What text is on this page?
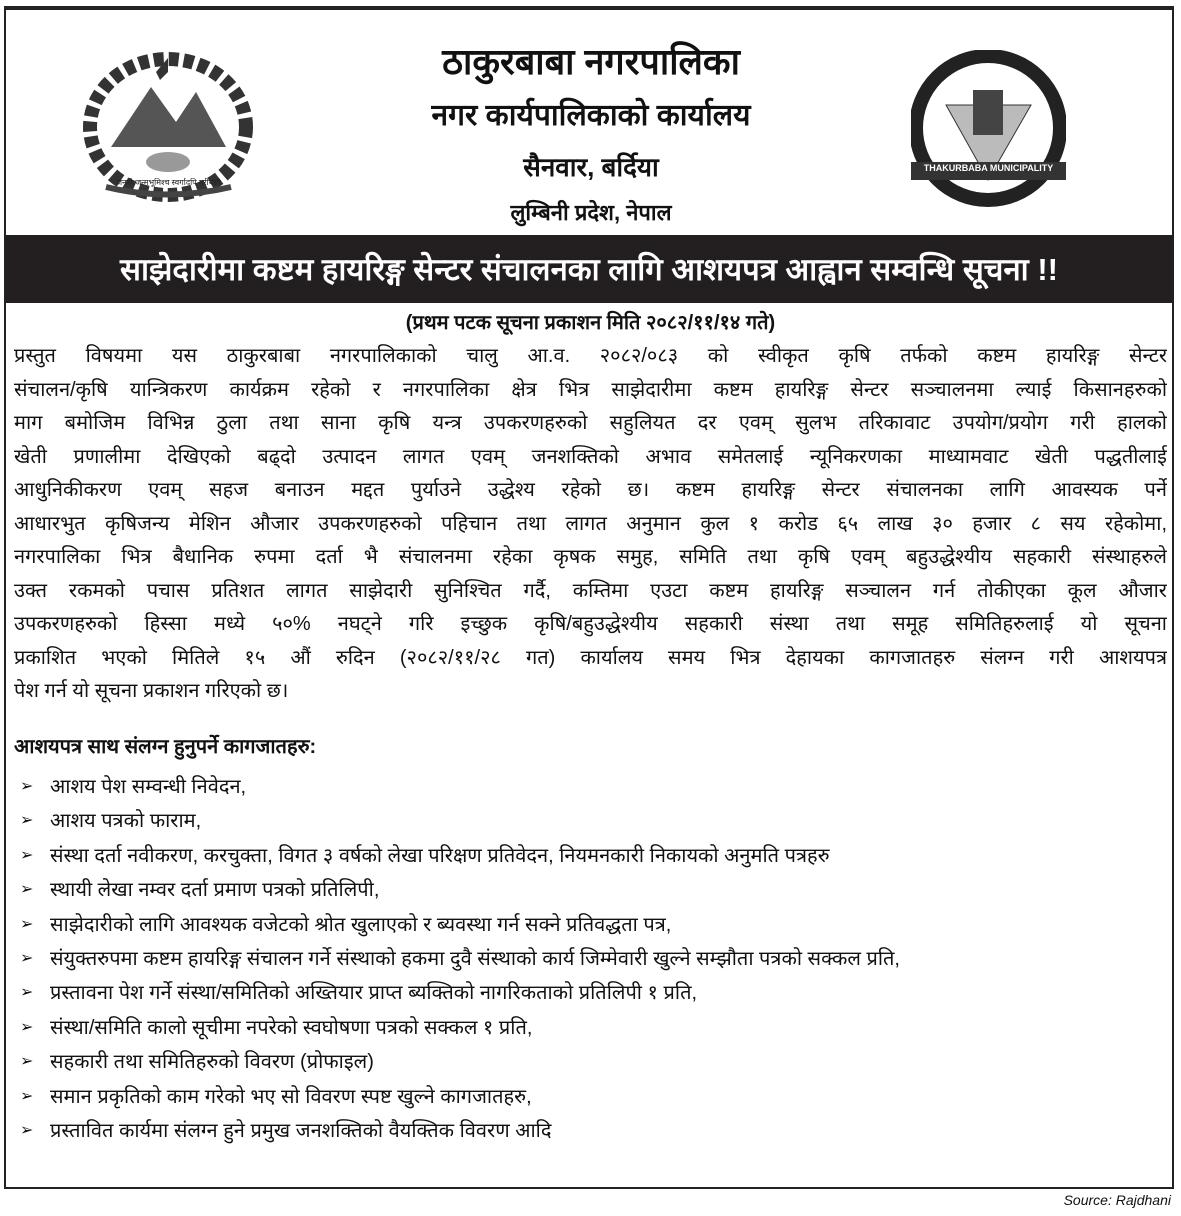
जननी जन्मभूमिश्च स्वर्गादपि गरीयसी
THAKURBABA MUNICIPALITY
ठाकुरबाबा नगरपालिका
नगर कार्यपालिकाको कार्यालय
सैनवार, बर्दिया
लुम्बिनी प्रदेश, नेपाल
साझेदारीमा कष्टम हायरिङ्ग सेन्टर संचालनका लागि आशयपत्र आह्वान सम्वन्धि सूचना !!
(प्रथम पटक सूचना प्रकाशन मिति २०८२/११/१४ गते)
प्रस्तुत विषयमा यस ठाकुरबाबा नगरपालिकाको चालु आ.व. २०८२/०८३ को स्वीकृत कृषि तर्फको कष्टम हायरिङ्ग सेन्टर
संचालन/कृषि यान्त्रिकरण कार्यक्रम रहेको र नगरपालिका क्षेत्र भित्र साझेदारीमा कष्टम हायरिङ्ग सेन्टर सञ्चालनमा ल्याई किसानहरुको
माग बमोजिम विभिन्न ठुला तथा साना कृषि यन्त्र उपकरणहरुको सहुलियत दर एवम् सुलभ तरिकावाट उपयोग/प्रयोग गरी हालको
खेती प्रणालीमा देखिएको बढ्दो उत्पादन लागत एवम् जनशक्तिको अभाव समेतलाई न्यूनिकरणका माध्यामवाट खेती पद्धतीलाई
आधुनिकीकरण एवम् सहज बनाउन मद्दत पुर्याउने उद्धेश्य रहेको छ। कष्टम हायरिङ्ग सेन्टर संचालनका लागि आवस्यक पर्ने
आधारभुत कृषिजन्य मेशिन औजार उपकरणहरुको पहिचान तथा लागत अनुमान कुल १ करोड ६५ लाख ३० हजार ८ सय रहेकोमा,
नगरपालिका भित्र बैधानिक रुपमा दर्ता भै संचालनमा रहेका कृषक समुह, समिति तथा कृषि एवम् बहुउद्धेश्यीय सहकारी संस्थाहरुले
उक्त रकमको पचास प्रतिशत लागत साझेदारी सुनिश्चित गर्दै, कम्तिमा एउटा कष्टम हायरिङ्ग सञ्चालन गर्न तोकीएका कूल औजार
उपकरणहरुको हिस्सा मध्ये ५०% नघट्ने गरि इच्छुक कृषि/बहुउद्धेश्यीय सहकारी संस्था तथा समूह समितिहरुलाई यो सूचना
प्रकाशित भएको मितिले १५ औं रुदिन (२०८२/११/२८ गत) कार्यालय समय भित्र देहायका कागजातहरु संलग्न गरी आशयपत्र
पेश गर्न यो सूचना प्रकाशन गरिएको छ।
आशयपत्र साथ संलग्न हुनुपर्ने कागजातहरु:
➢ आशय पेश सम्वन्धी निवेदन,
➢ आशय पत्रको फाराम,
➢ संस्था दर्ता नवीकरण, करचुक्ता, विगत ३ वर्षको लेखा परिक्षण प्रतिवेदन, नियमनकारी निकायको अनुमति पत्रहरु
➢ स्थायी लेखा नम्वर दर्ता प्रमाण पत्रको प्रतिलिपी,
➢ साझेदारीको लागि आवश्यक वजेटको श्रोत खुलाएको र ब्यवस्था गर्न सक्ने प्रतिवद्धता पत्र,
➢ संयुक्तरुपमा कष्टम हायरिङ्ग संचालन गर्ने संस्थाको हकमा दुवै संस्थाको कार्य जिम्मेवारी खुल्ने सम्झौता पत्रको सक्कल प्रति,
➢ प्रस्तावना पेश गर्ने संस्था/समितिको अख्तियार प्राप्त ब्यक्तिको नागरिकताको प्रतिलिपी १ प्रति,
➢ संस्था/समिति कालो सूचीमा नपरेको स्वघोषणा पत्रको सक्कल १ प्रति,
➢ सहकारी तथा समितिहरुको विवरण (प्रोफाइल)
➢ समान प्रकृतिको काम गरेको भए सो विवरण स्पष्ट खुल्ने कागजातहरु,
➢ प्रस्तावित कार्यमा संलग्न हुने प्रमुख जनशक्तिको वैयक्तिक विवरण आदि
Source: Rajdhani
